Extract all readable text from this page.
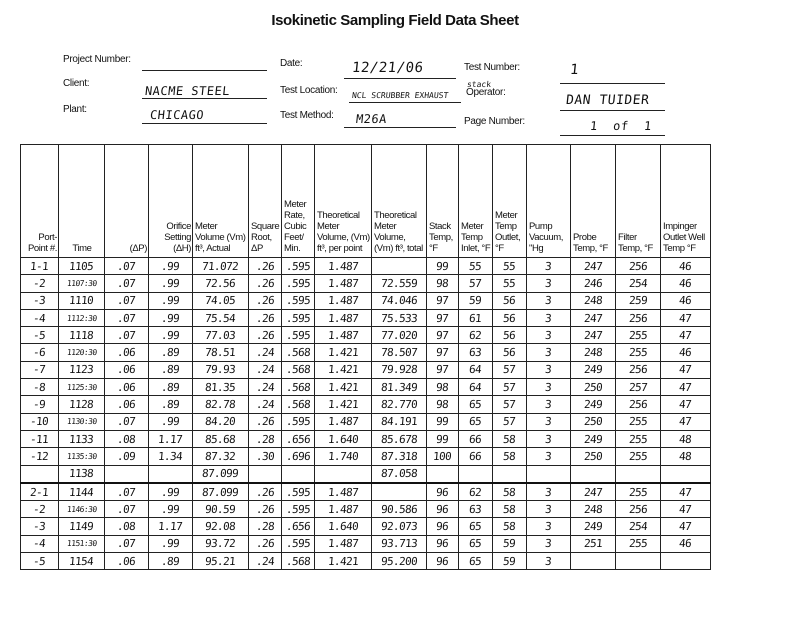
Isokinetic Sampling Field Data Sheet
Project Number:
Client:
NACME STEEL
Plant:	CHICAGO
Date:	12/21/06
Test Location: NCL SCRUBBER EXHAUST
Test Method: M26A
Test Number:	1
stack
Operator:
DAN TUIDER
Page Number:	1  of  1
Port-Point #.	Time	(ΔP)	Orifice Setting (ΔH)	Meter Volume (Vm) ft³, Actual	Square Root, ΔP	Meter Rate, Cubic Feet/ Min.	Theoretical Meter Volume, (Vm) ft³, per point	Theoretical Meter Volume, (Vm) ft³, total	Stack Temp, °F	Meter Temp Inlet, °F	Meter Temp Outlet, °F	Pump Vacuum, "Hg	Probe Temp, °F	Filter Temp, °F	Impinger Outlet Well Temp °F
1-1	1105	.07	.99	71.072	.26	.595	1.487		99	55	55	3	247	256	46
-2	1107:30	.07	.99	72.56	.26	.595	1.487	72.559	98	57	55	3	246	254	46
-3	1110	.07	.99	74.05	.26	.595	1.487	74.046	97	59	56	3	248	259	46
-4	1112:30	.07	.99	75.54	.26	.595	1.487	75.533	97	61	56	3	247	256	47
-5	1118	.07	.99	77.03	.26	.595	1.487	77.020	97	62	56	3	247	255	47
-6	1120:30	.06	.89	78.51	.24	.568	1.421	78.507	97	63	56	3	248	255	46
-7	1123	.06	.89	79.93	.24	.568	1.421	79.928	97	64	57	3	249	256	47
-8	1125:30	.06	.89	81.35	.24	.568	1.421	81.349	98	64	57	3	250	257	47
-9	1128	.06	.89	82.78	.24	.568	1.421	82.770	98	65	57	3	249	256	47
-10	1130:30	.07	.99	84.20	.26	.595	1.487	84.191	99	65	57	3	250	255	47
-11	1133	.08	1.17	85.68	.28	.656	1.640	85.678	99	66	58	3	249	255	48
-12	1135:30	.09	1.34	87.32	.30	.696	1.740	87.318	100	66	58	3	250	255	48
	1138			87.099				87.058							
2-1	1144	.07	.99	87.099	.26	.595	1.487		96	62	58	3	247	255	47
-2	1146:30	.07	.99	90.59	.26	.595	1.487	90.586	96	63	58	3	248	256	47
-3	1149	.08	1.17	92.08	.28	.656	1.640	92.073	96	65	58	3	249	254	47
-4	1151:30	.07	.99	93.72	.26	.595	1.487	93.713	96	65	59	3	251	255	46
-5	1154	.06	.89	95.21	.24	.568	1.421	95.200	96	65	59	3			
